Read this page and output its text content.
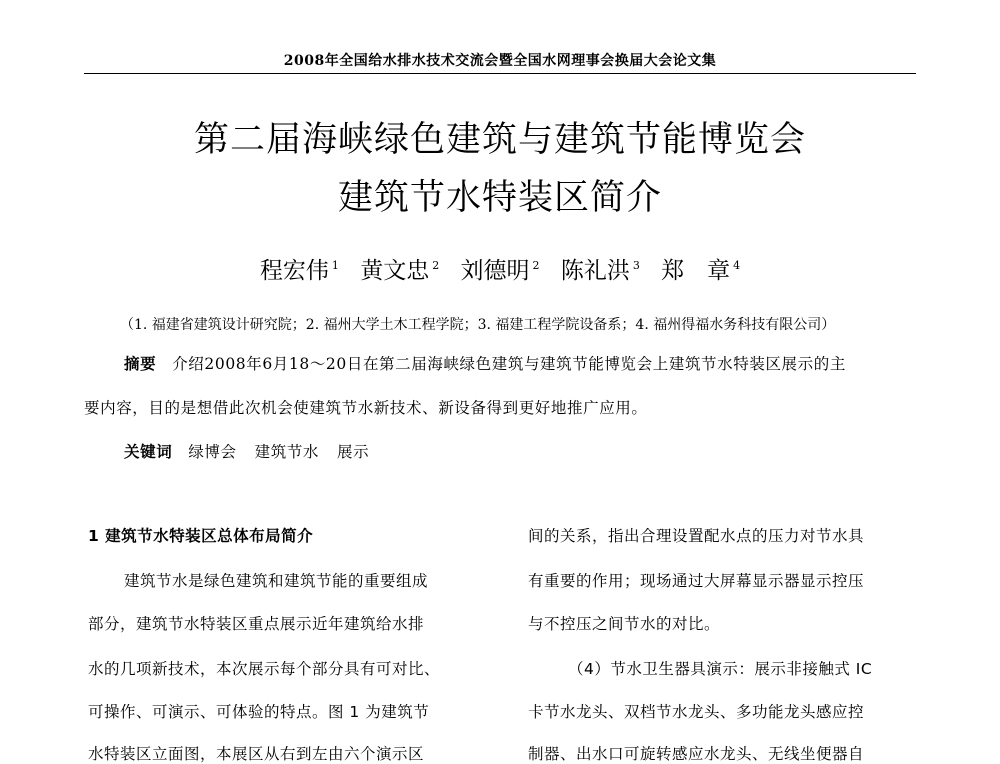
2008年全国给水排水技术交流会暨全国水网理事会换届大会论文集
第二届海峡绿色建筑与建筑节能博览会
建筑节水特装区简介
程宏伟 $^1$ 黄文忠 $^2$ 刘德明 $^2$ 陈礼洪 $^3$ 郑　章 $^4$
（1. 福建省建筑设计研究院；2. 福州大学土木工程学院；3. 福建工程学院设备系；4. 福州得福水务科技有限公司）
摘要 介绍2008年6月18～20日在第二届海峡绿色建筑与建筑节能博览会上建筑节水特装区展示的主
要内容，目的是想借此次机会使建筑节水新技术、新设备得到更好地推广应用。
关键词 绿博会 建筑节水 展示
1 建筑节水特装区总体布局简介
建筑节水是绿色建筑和建筑节能的重要组成
部分，建筑节水特装区重点展示近年建筑给水排
水的几项新技术，本次展示每个部分具有可对比、
可操作、可演示、可体验的特点。图 1 为建筑节
水特装区立面图，本展区从右到左由六个演示区
间的关系，指出合理设置配水点的压力对节水具
有重要的作用；现场通过大屏幕显示器显示控压
与不控压之间节水的对比。
（4）节水卫生器具演示：展示非接触式 IC
卡节水龙头、双档节水龙头、多功能龙头感应控
制器、出水口可旋转感应水龙头、无线坐便器自
